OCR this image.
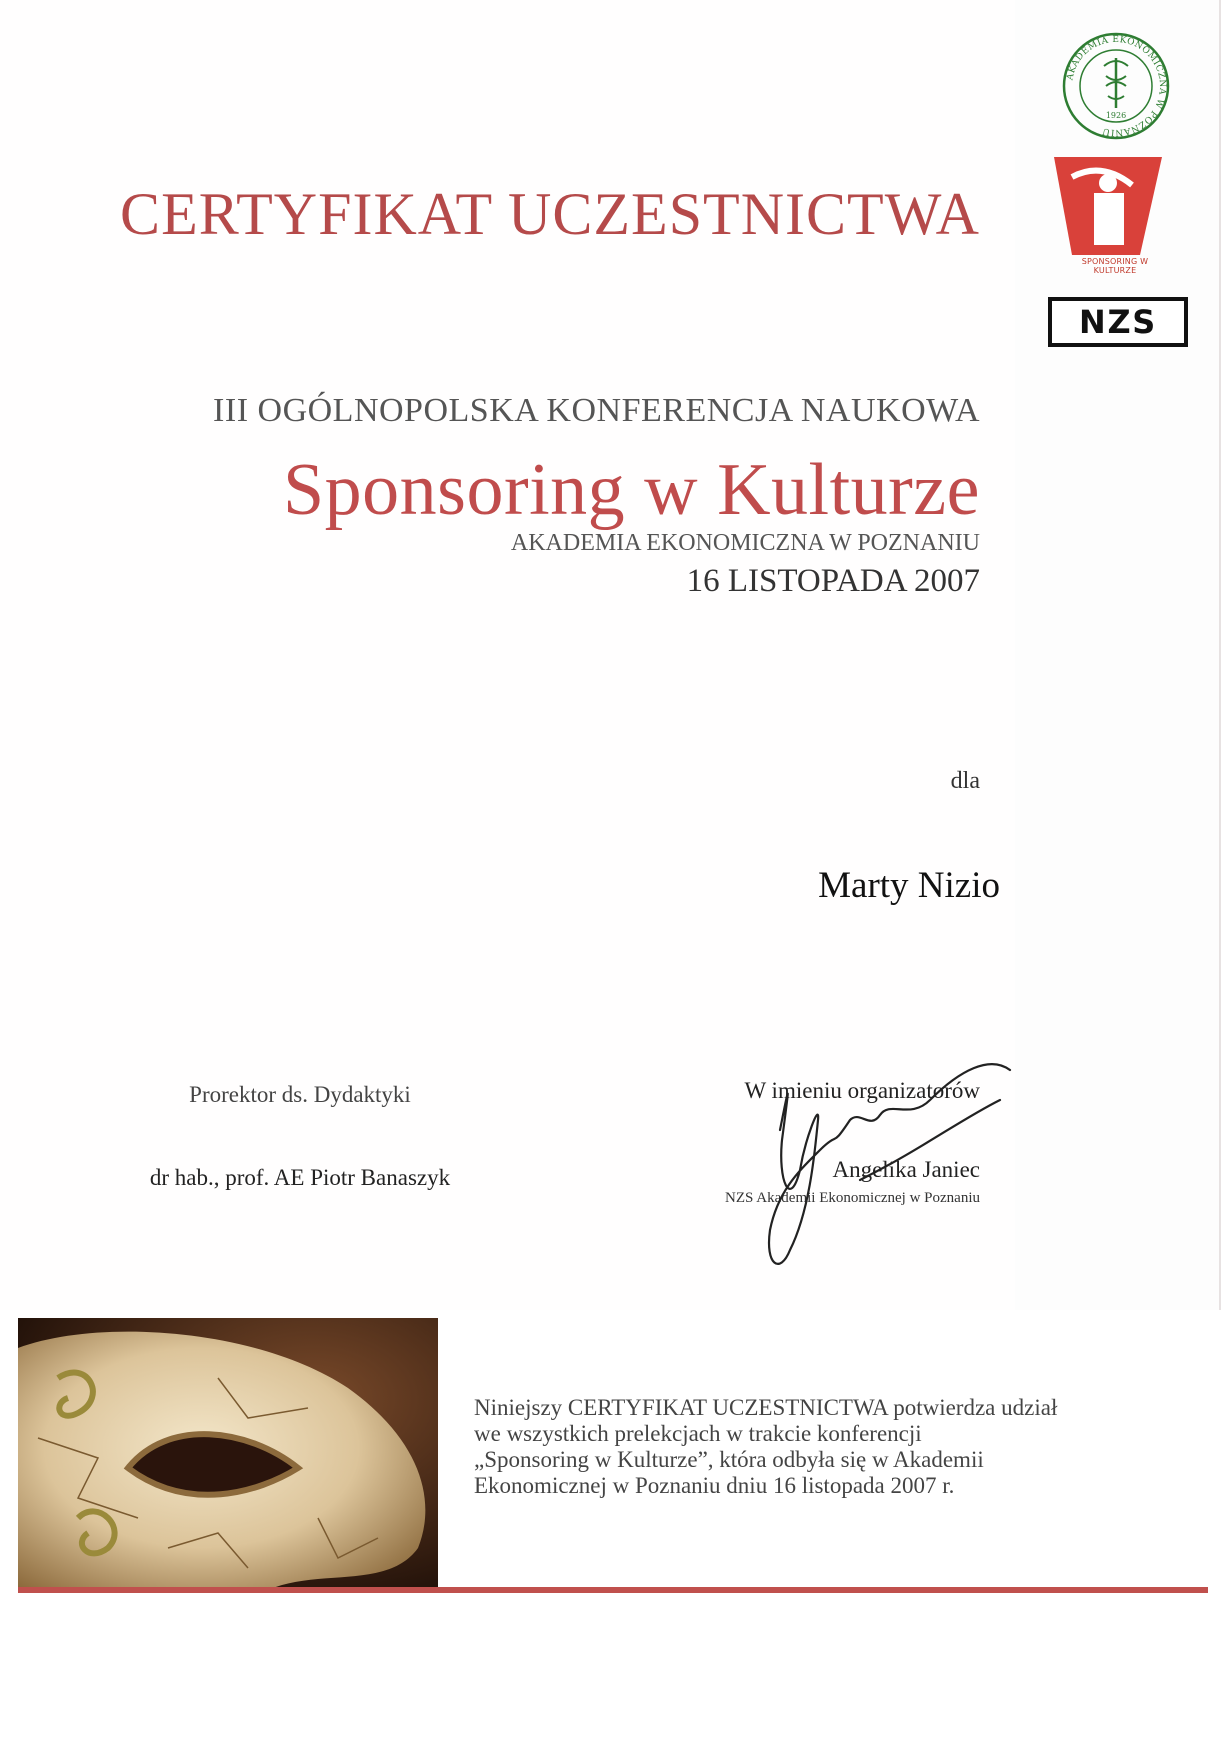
AKADEMIA EKONOMICZNA W POZNANIU
1926
SPONSORING W KULTURZE
NZS
CERTYFIKAT UCZESTNICTWA
III OGÓLNOPOLSKA KONFERENCJA NAUKOWA
Sponsoring w Kulturze
AKADEMIA EKONOMICZNA W POZNANIU
16 LISTOPADA 2007
dla
Marty Nizio
Prorektor ds. Dydaktyki
dr hab., prof. AE Piotr Banaszyk
W imieniu organizatorów
Angelika Janiec
NZS Akademii Ekonomicznej w Poznaniu
Niniejszy CERTYFIKAT UCZESTNICTWA potwierdza udział
we wszystkich prelekcjach w trakcie konferencji
„Sponsoring w Kulturze”, która odbyła się w Akademii
Ekonomicznej w Poznaniu dniu 16 listopada 2007 r.
